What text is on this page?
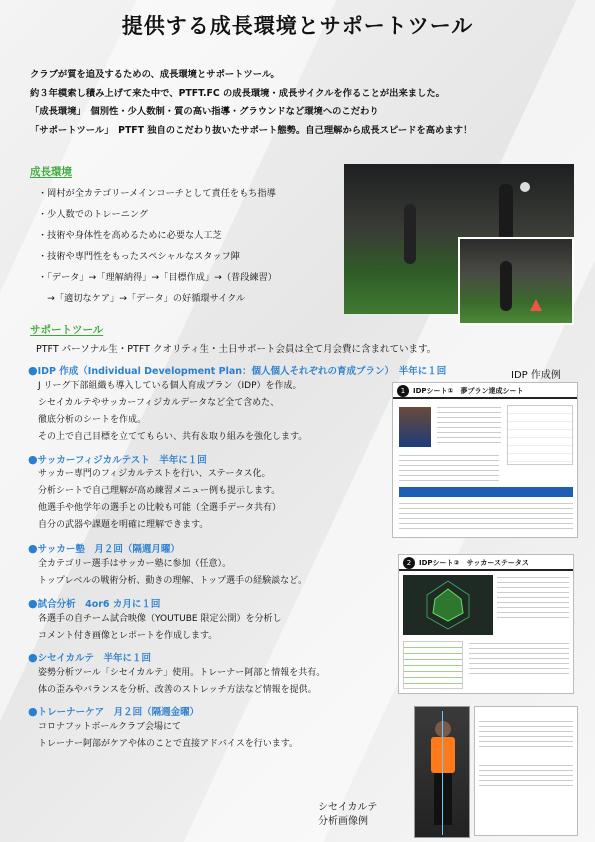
提供する成長環境とサポートツール
クラブが質を追及するための、成長環境とサポートツール。
約３年模索し積み上げて来た中で、PTFT.FC の成長環境・成長サイクルを作ることが出来ました。
「成長環境」　個別性・少人数制・質の高い指導・グラウンドなど環境へのこだわり
「サポートツール」　PTFT 独自のこだわり抜いたサポート態勢。自己理解から成長スピードを高めます！
成長環境
・岡村が全カテゴリーメインコーチとして責任をもち指導
・少人数でのトレーニング
・技術や身体性を高めるために必要な人工芝
・技術や専門性をもったスペシャルなスタッフ陣
・「データ」→「理解納得」→「目標作成」→（普段練習）
　→「適切なケア」→「データ」の好循環サイクル
サポートツール
PTFT パーソナル生・PTFT クオリティ生・土日サポート会員は全て月会費に含まれています。
IDP 作成例
●IDP 作成（Individual Development Plan：個人個人それぞれの育成プラン）　半年に１回
J リーグ下部組織も導入している個人育成プラン（IDP）を作成。
シセイカルテやサッカーフィジカルデータなど全て含めた、
徹底分析のシートを作成。
その上で自己目標を立ててもらい、共有＆取り組みを強化します。
●サッカーフィジカルテスト　半年に１回
サッカー専門のフィジカルテストを行い、ステータス化。
分析シートで自己理解が高め練習メニュー例も提示します。
他選手や他学年の選手との比較も可能（全選手データ共有）
自分の武器や課題を明確に理解できます。
●サッカー塾　月２回（隔週月曜）
全カテゴリー選手はサッカー塾に参加（任意）。
トップレベルの戦術分析、動きの理解、トップ選手の経験談など。
●試合分析　4or6 カ月に１回
各選手の自チーム試合映像（YOUTUBE 限定公開）を分析し
コメント付き画像とレポートを作成します。
●シセイカルテ　半年に１回
姿勢分析ツール「シセイカルテ」使用。トレーナー阿部と情報を共有。
体の歪みやバランスを分析、改善のストレッチ方法など情報を提供。
●トレーナーケア　月２回（隔週金曜）
コロナフットボールクラブ会場にて
トレーナー阿部がケアや体のことで直接アドバイスを行います。
1	IDPシート①　夢プラン達成シート
2	IDPシート②　サッカーステータス
シセイカルテ
分析画像例
